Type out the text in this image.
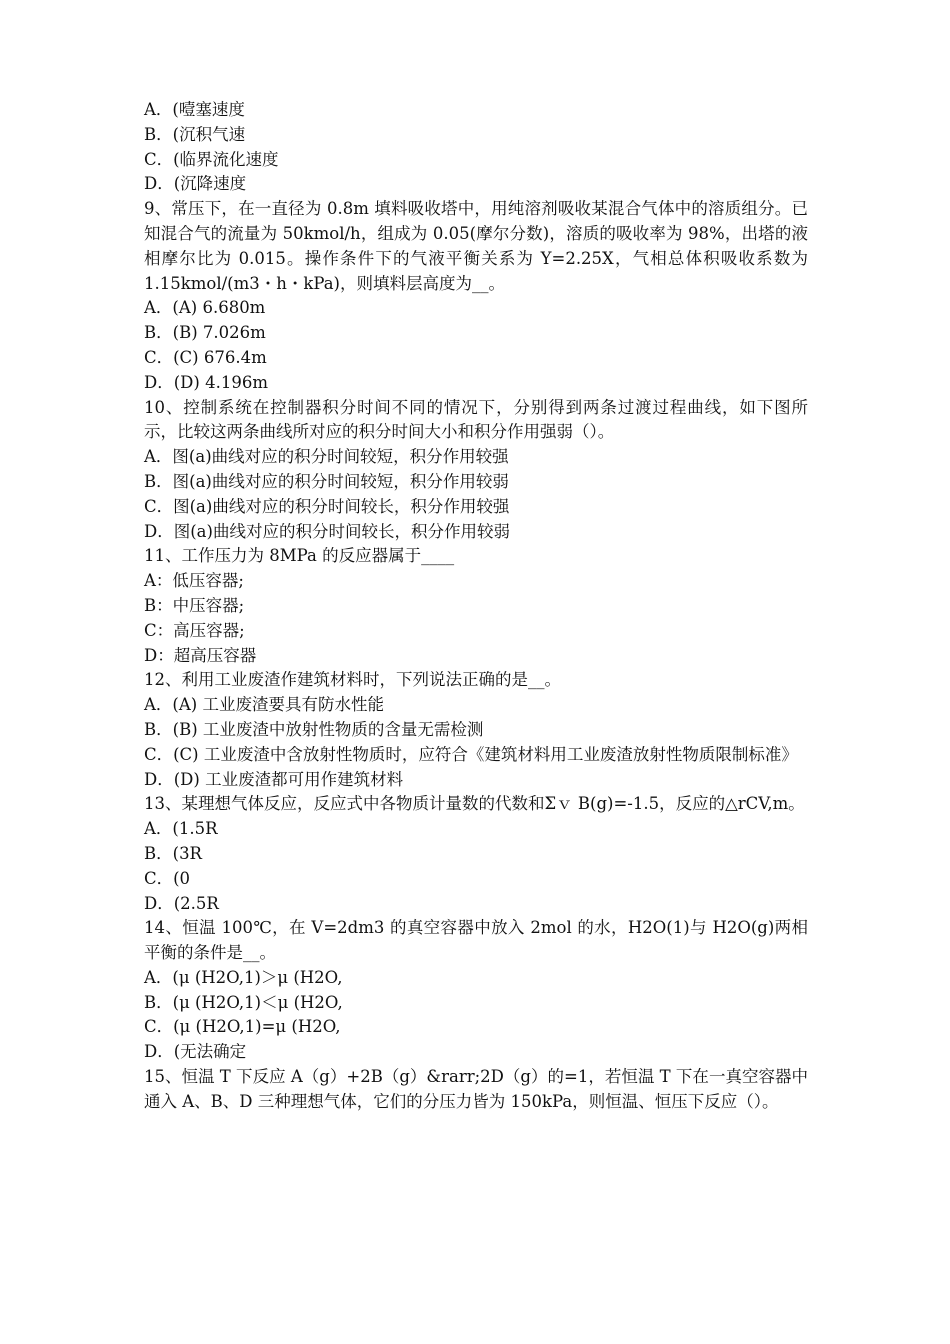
A．(噎塞速度

B．(沉积气速

C．(临界流化速度

D．(沉降速度

9、常压下，在一直径为 0.8m 填料吸收塔中，用纯溶剂吸收某混合气体中的溶质组分。已知混合气的流量为 50kmol/h，组成为 0.05(摩尔分数)，溶质的吸收率为 98%，出塔的液相摩尔比为 0.015。操作条件下的气液平衡关系为 Y=2.25X，气相总体积吸收系数为 1.15kmol/(m3・h・kPa)，则填料层高度为__。

A．(A) 6.680m

B．(B) 7.026m

C．(C) 676.4m

D．(D) 4.196m

10、控制系统在控制器积分时间不同的情况下，分别得到两条过渡过程曲线，如下图所示，比较这两条曲线所对应的积分时间大小和积分作用强弱（）。

A．图(a)曲线对应的积分时间较短，积分作用较强

B．图(a)曲线对应的积分时间较短，积分作用较弱

C．图(a)曲线对应的积分时间较长，积分作用较强

D．图(a)曲线对应的积分时间较长，积分作用较弱

11、工作压力为 8MPa 的反应器属于____

A：低压容器;

B：中压容器;

C：高压容器;

D：超高压容器

12、利用工业废渣作建筑材料时，下列说法正确的是__。

A．(A) 工业废渣要具有防水性能

B．(B) 工业废渣中放射性物质的含量无需检测

C．(C) 工业废渣中含放射性物质时，应符合《建筑材料用工业废渣放射性物质限制标准》

D．(D) 工业废渣都可用作建筑材料

13、某理想气体反应，反应式中各物质计量数的代数和Σｖ B(g)=-1.5，反应的△rCV,m。

A．(1.5R

B．(3R

C．(0

D．(2.5R

14、恒温 100℃，在 V=2dm3 的真空容器中放入 2mol 的水，H2O(1)与 H2O(g)两相平衡的条件是__。

A．(μ (H2O,1)＞μ (H2O,

B．(μ (H2O,1)＜μ (H2O,

C．(μ (H2O,1)=μ (H2O,

D．(无法确定

15、恒温 T 下反应 A（g）+2B（g）&rarr;2D（g）的=1，若恒温 T 下在一真空容器中通入 A、B、D 三种理想气体，它们的分压力皆为 150kPa，则恒温、恒压下反应（）。
